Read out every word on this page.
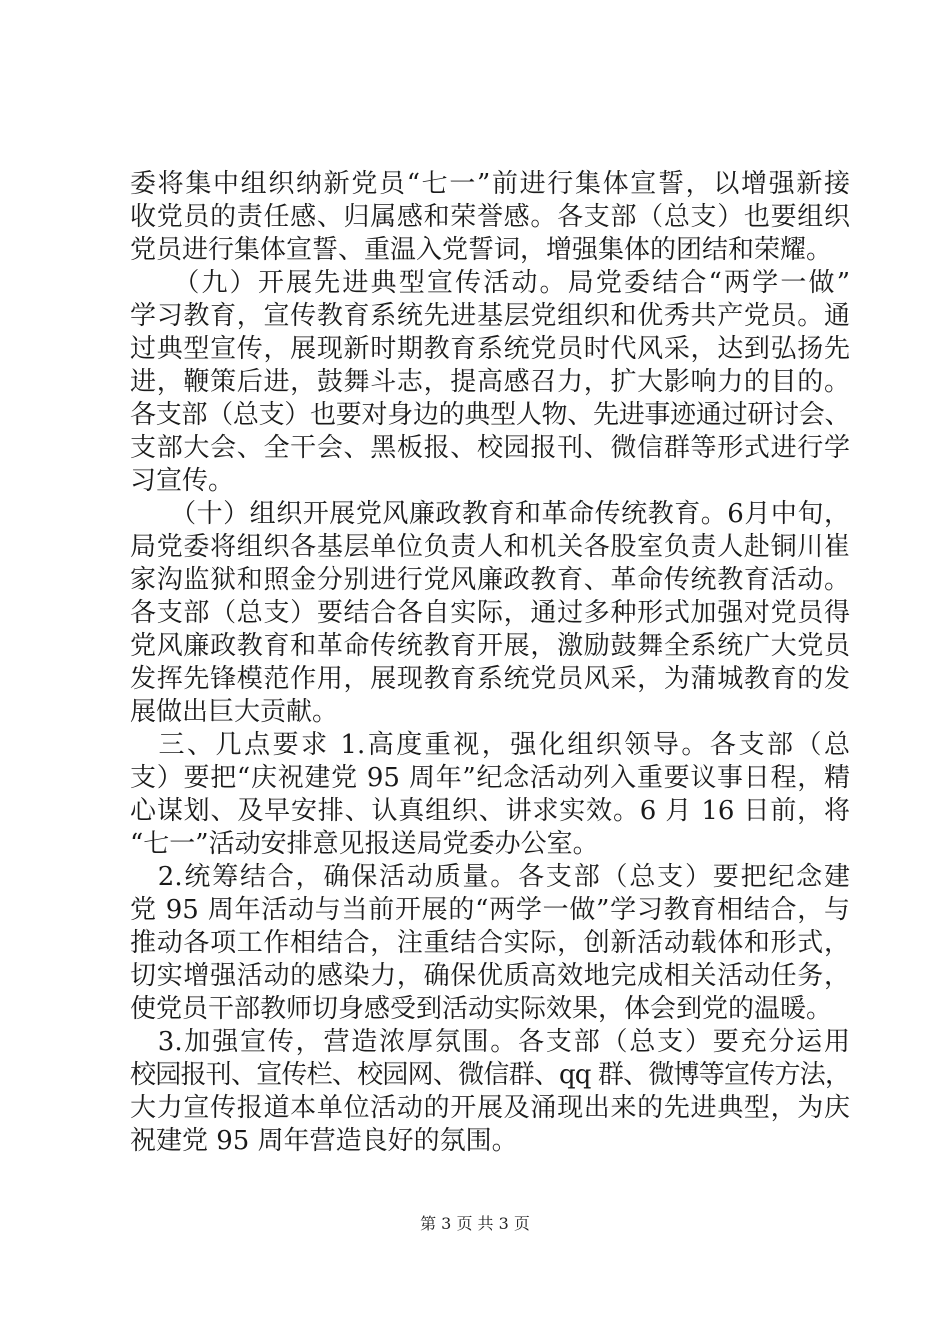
委将集中组织纳新党员“七一”前进行集体宣誓，以增强新接
收党员的责任感、归属感和荣誉感。各支部（总支）也要组织
党员进行集体宣誓、重温入党誓词，增强集体的团结和荣耀。
　　（九）开展先进典型宣传活动。局党委结合“两学一做”
学习教育，宣传教育系统先进基层党组织和优秀共产党员。通
过典型宣传，展现新时期教育系统党员时代风采，达到弘扬先
进，鞭策后进，鼓舞斗志，提高感召力，扩大影响力的目的。
各支部（总支）也要对身边的典型人物、先进事迹通过研讨会、
支部大会、全干会、黑板报、校园报刊、微信群等形式进行学
习宣传。
　　（十）组织开展党风廉政教育和革命传统教育。6月中旬，
局党委将组织各基层单位负责人和机关各股室负责人赴铜川崔
家沟监狱和照金分别进行党风廉政教育、革命传统教育活动。
各支部（总支）要结合各自实际，通过多种形式加强对党员得
党风廉政教育和革命传统教育开展，激励鼓舞全系统广大党员
发挥先锋模范作用，展现教育系统党员风采，为蒲城教育的发
展做出巨大贡献。
　三、几点要求 1.高度重视，强化组织领导。各支部（总
支）要把“庆祝建党 95 周年”纪念活动列入重要议事日程，精
心谋划、及早安排、认真组织、讲求实效。6 月 16 日前，将
“七一”活动安排意见报送局党委办公室。
　2.统筹结合，确保活动质量。各支部（总支）要把纪念建
党 95 周年活动与当前开展的“两学一做”学习教育相结合，与
推动各项工作相结合，注重结合实际，创新活动载体和形式，
切实增强活动的感染力，确保优质高效地完成相关活动任务，
使党员干部教师切身感受到活动实际效果，体会到党的温暖。
　3.加强宣传，营造浓厚氛围。各支部（总支）要充分运用
校园报刊、宣传栏、校园网、微信群、qq 群、微博等宣传方法，
大力宣传报道本单位活动的开展及涌现出来的先进典型，为庆
祝建党 95 周年营造良好的氛围。
第 3 页 共 3 页
